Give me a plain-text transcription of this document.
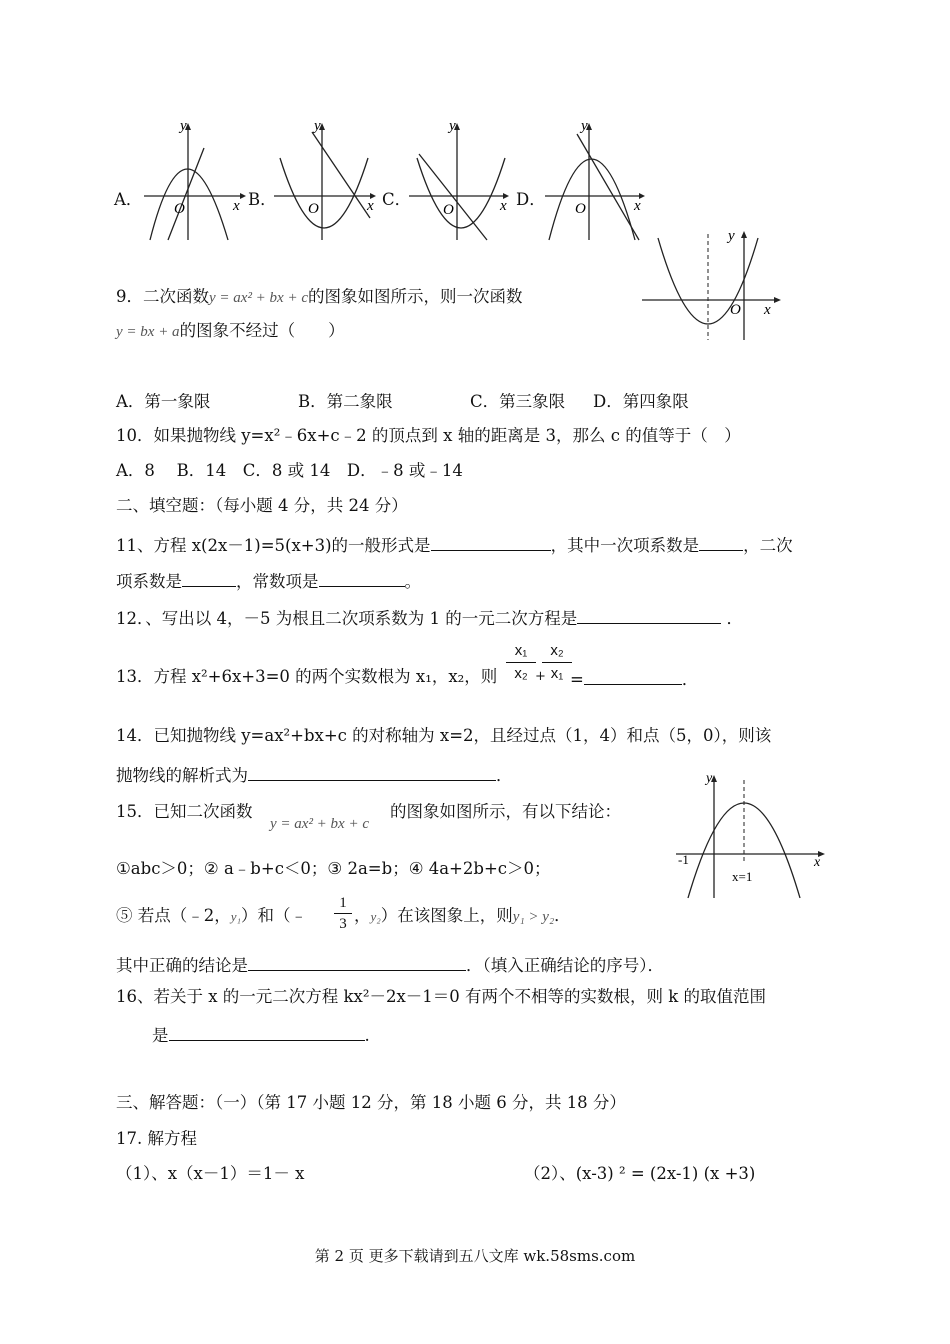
A．
y
x
O	B．
y
x
O	C．
y
x
O
D．
y
x
O
9．二次函数y = ax² + bx + c的图象如图所示，则一次函数
y = bx + a的图象不经过（　　）
y
x
O
A．第一象限	B．第二象限	C．第三象限 D．第四象限
10．如果抛物线 y=x²﹣6x+c﹣2 的顶点到 x 轴的距离是 3，那么 c 的值等于（　）
A．8　 B．14　C．8 或 14　D．﹣8 或﹣14
二、填空题：（每小题 4 分，共 24 分）
11、方程 x(2x－1)=5(x+3)的一般形式是	，其中一次项系数是	，二次
项系数是	，常数项是	。
12．、写出以 4，－5 为根且二次项系数为 1 的一元二次方程是	．
13．方程 x²+6x+3=0 的两个实数根为 x₁，x₂，则 $\frac{\text{x₁}}{\text{x₂}}$ +
$\frac{\text{x₂}}{\text{x₁}}$
=	．
14．已知抛物线 y=ax²+bx+c 的对称轴为 x=2，且经过点（1，4）和点（5，0），则该
抛物线的解析式为	．
15．已知二次函数
y = ax² + bx + c
的图象如图所示，有以下结论：
y
x
-1
x=1
①abc＞0；② a﹣b+c＜0；③ 2a=b；④ 4a+2b+c＞0；
⑤ 若点（﹣2，y₁）和（﹣ $\frac{1}{3}$ ，y₂）在该图象上，则y₁ > y₂．
其中正确的结论是	．（填入正确结论的序号）．
16、若关于 x 的一元二次方程 kx²－2x－1＝0 有两个不相等的实数根，则 k 的取值范围
是	.
三、解答题：（一）（第 17 小题 12 分，第 18 小题 6 分，共 18 分）
17. 解方程
（1）、x（x－1）＝1－ x	（2）、(x-3) ² = (2x-1) (x +3)
第 2 页 更多下载请到五八文库 wk.58sms.com
